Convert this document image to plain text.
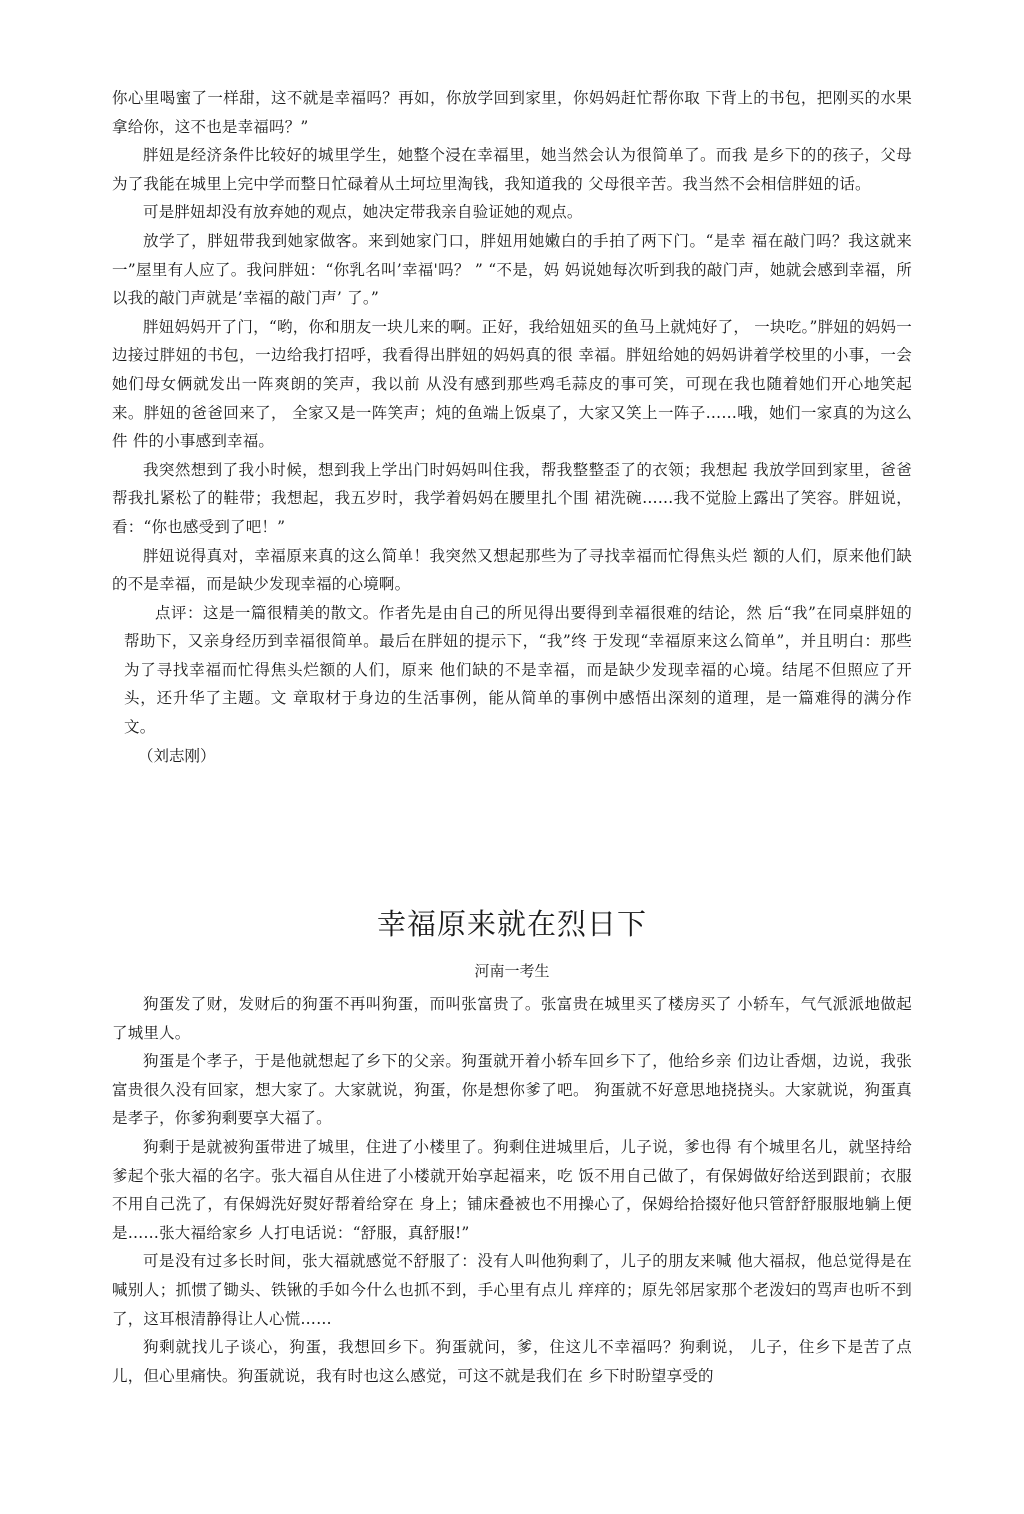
你心里喝蜜了一样甜，这不就是幸福吗？再如，你放学回到家里，你妈妈赶忙帮你取 下背上的书包，把刚买的水果拿给你，这不也是幸福吗？”

胖妞是经济条件比较好的城里学生，她整个浸在幸福里，她当然会认为很简单了。而我 是乡下的的孩子，父母为了我能在城里上完中学而整日忙碌着从土坷垃里淘钱，我知道我的 父母很辛苦。我当然不会相信胖妞的话。

可是胖妞却没有放弃她的观点，她决定带我亲自验证她的观点。

放学了，胖妞带我到她家做客。来到她家门口，胖妞用她嫩白的手拍了两下门。“是幸 福在敲门吗？我这就来一”屋里有人应了。我问胖妞：“你乳名叫’幸福'吗？ ” “不是，妈 妈说她每次听到我的敲门声，她就会感到幸福，所以我的敲门声就是’幸福的敲门声’ 了。”

胖妞妈妈开了门，“哟，你和朋友一块儿来的啊。正好，我给妞妞买的鱼马上就炖好了， 一块吃。”胖妞的妈妈一边接过胖妞的书包，一边给我打招呼，我看得出胖妞的妈妈真的很 幸福。胖妞给她的妈妈讲着学校里的小事，一会她们母女俩就发出一阵爽朗的笑声，我以前 从没有感到那些鸡毛蒜皮的事可笑，可现在我也随着她们开心地笑起来。胖妞的爸爸回来了， 全家又是一阵笑声；炖的鱼端上饭桌了，大家又笑上一阵子……哦，她们一家真的为这么件 件的小事感到幸福。

我突然想到了我小时候，想到我上学出门时妈妈叫住我，帮我整整歪了的衣领；我想起 我放学回到家里，爸爸帮我扎紧松了的鞋带；我想起，我五岁时，我学着妈妈在腰里扎个围 裙洗碗……我不觉脸上露出了笑容。胖妞说，看：“你也感受到了吧！”

胖妞说得真对，幸福原来真的这么简单！我突然又想起那些为了寻找幸福而忙得焦头烂 额的人们，原来他们缺的不是幸福，而是缺少发现幸福的心境啊。

点评：这是一篇很精美的散文。作者先是由自己的所见得出要得到幸福很难的结论，然 后“我”在同桌胖妞的帮助下，又亲身经历到幸福很简单。最后在胖妞的提示下，“我”终 于发现“幸福原来这么简单”，并且明白：那些为了寻找幸福而忙得焦头烂额的人们，原来 他们缺的不是幸福，而是缺少发现幸福的心境。结尾不但照应了开头，还升华了主题。文 章取材于身边的生活事例，能从简单的事例中感悟出深刻的道理，是一篇难得的满分作文。

（刘志刚）

幸福原来就在烈日下

河南一考生

狗蛋发了财，发财后的狗蛋不再叫狗蛋，而叫张富贵了。张富贵在城里买了楼房买了 小轿车，气气派派地做起了城里人。

狗蛋是个孝子，于是他就想起了乡下的父亲。狗蛋就开着小轿车回乡下了，他给乡亲 们边让香烟，边说，我张富贵很久没有回家，想大家了。大家就说，狗蛋，你是想你爹了吧。 狗蛋就不好意思地挠挠头。大家就说，狗蛋真是孝子，你爹狗剩要享大福了。

狗剩于是就被狗蛋带进了城里，住进了小楼里了。狗剩住进城里后，儿子说，爹也得 有个城里名儿，就坚持给爹起个张大福的名字。张大福自从住进了小楼就开始享起福来，吃 饭不用自己做了，有保姆做好给送到跟前；衣服不用自己洗了，有保姆洗好熨好帮着给穿在 身上；铺床叠被也不用操心了，保姆给拾掇好他只管舒舒服服地躺上便是……张大福给家乡 人打电话说：“舒服，真舒服!”

可是没有过多长时间，张大福就感觉不舒服了：没有人叫他狗剩了，儿子的朋友来喊 他大福叔，他总觉得是在喊别人；抓惯了锄头、铁锹的手如今什么也抓不到，手心里有点儿 痒痒的；原先邻居家那个老泼妇的骂声也听不到了，这耳根清静得让人心慌……

狗剩就找儿子谈心，狗蛋，我想回乡下。狗蛋就问，爹，住这儿不幸福吗？狗剩说， 儿子，住乡下是苦了点儿，但心里痛快。狗蛋就说，我有时也这么感觉，可这不就是我们在 乡下时盼望享受的
